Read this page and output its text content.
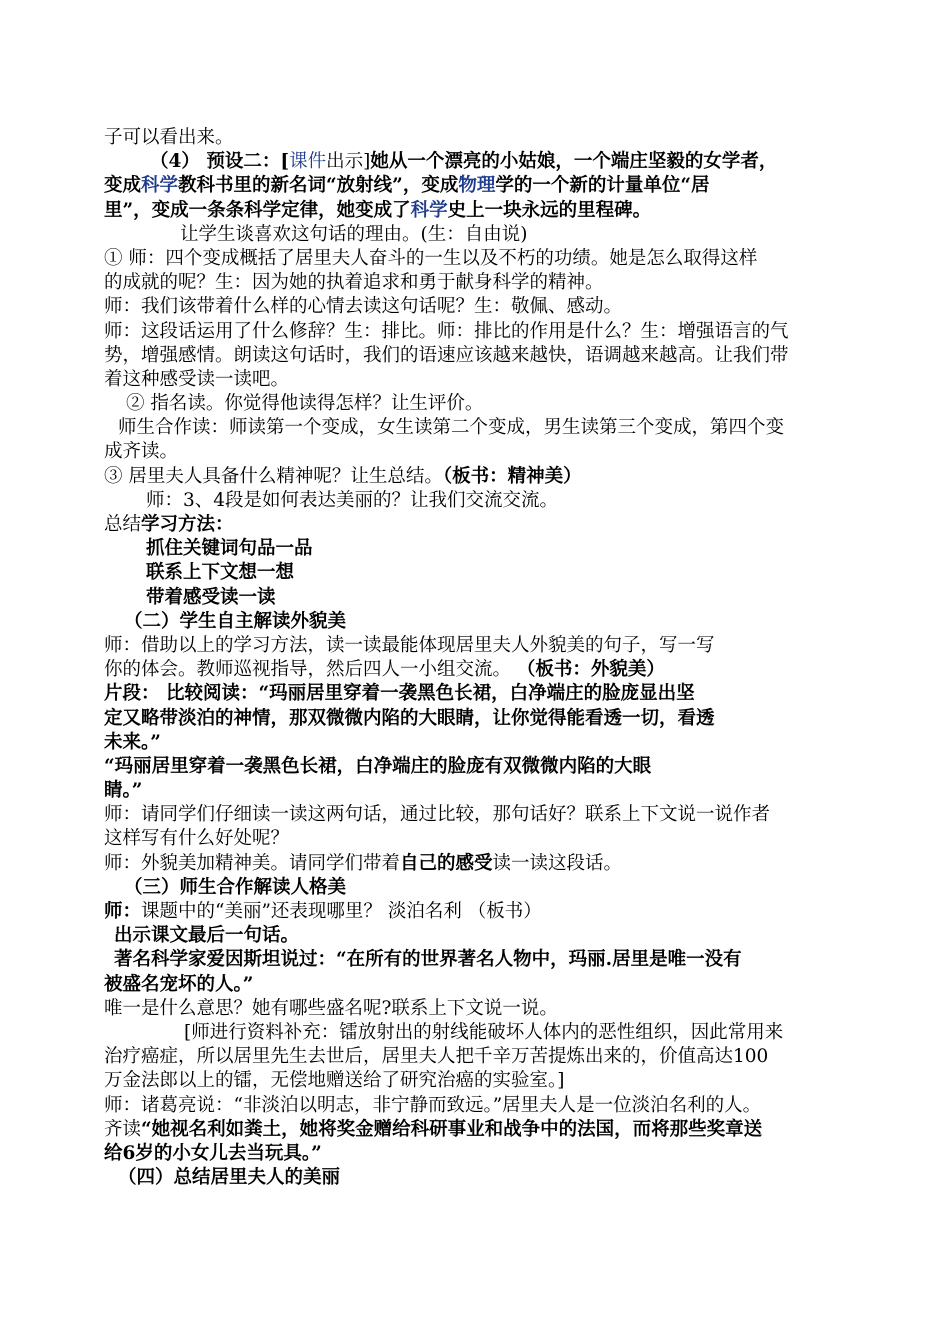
子可以看出来。
（4） 预设二：[课件出示]她从一个漂亮的小姑娘，一个端庄坚毅的女学者，
变成科学教科书里的新名词“放射线”，变成物理学的一个新的计量单位“居
里”，变成一条条科学定律，她变成了科学史上一块永远的里程碑。
让学生谈喜欢这句话的理由。(生：自由说)
① 师：四个变成概括了居里夫人奋斗的一生以及不朽的功绩。她是怎么取得这样
的成就的呢？生：因为她的执着追求和勇于献身科学的精神。
师：我们该带着什么样的心情去读这句话呢？生：敬佩、感动。
师：这段话运用了什么修辞？生：排比。师：排比的作用是什么？生：增强语言的气
势，增强感情。朗读这句话时，我们的语速应该越来越快，语调越来越高。让我们带
着这种感受读一读吧。
② 指名读。你觉得他读得怎样？让生评价。
师生合作读：师读第一个变成，女生读第二个变成，男生读第三个变成，第四个变
成齐读。
③ 居里夫人具备什么精神呢？让生总结。（板书：精神美）
师：3、4段是如何表达美丽的？让我们交流交流。
总结学习方法：
抓住关键词句品一品
联系上下文想一想
带着感受读一读
（二）学生自主解读外貌美
师：借助以上的学习方法，读一读最能体现居里夫人外貌美的句子，写一写
你的体会。教师巡视指导，然后四人一小组交流。 （板书：外貌美）
片段： 比较阅读：“玛丽居里穿着一袭黑色长裙，白净端庄的脸庞显出坚
定又略带淡泊的神情，那双微微内陷的大眼睛，让你觉得能看透一切，看透
未来。”
“玛丽居里穿着一袭黑色长裙，白净端庄的脸庞有双微微内陷的大眼
睛。”
师：请同学们仔细读一读这两句话，通过比较，那句话好？联系上下文说一说作者
这样写有什么好处呢？
师：外貌美加精神美。请同学们带着自己的感受读一读这段话。
（三）师生合作解读人格美
师：课题中的“美丽”还表现哪里？ 淡泊名利 （板书）
出示课文最后一句话。
著名科学家爱因斯坦说过：“在所有的世界著名人物中，玛丽.居里是唯一没有
被盛名宠坏的人。”
唯一是什么意思？她有哪些盛名呢?联系上下文说一说。
[师进行资料补充：镭放射出的射线能破坏人体内的恶性组织，因此常用来
治疗癌症，所以居里先生去世后，居里夫人把千辛万苦提炼出来的，价值高达100
万金法郎以上的镭，无偿地赠送给了研究治癌的实验室。]
师：诸葛亮说：“非淡泊以明志，非宁静而致远。”居里夫人是一位淡泊名利的人。
齐读“她视名利如粪土，她将奖金赠给科研事业和战争中的法国，而将那些奖章送
给6岁的小女儿去当玩具。”
（四）总结居里夫人的美丽
